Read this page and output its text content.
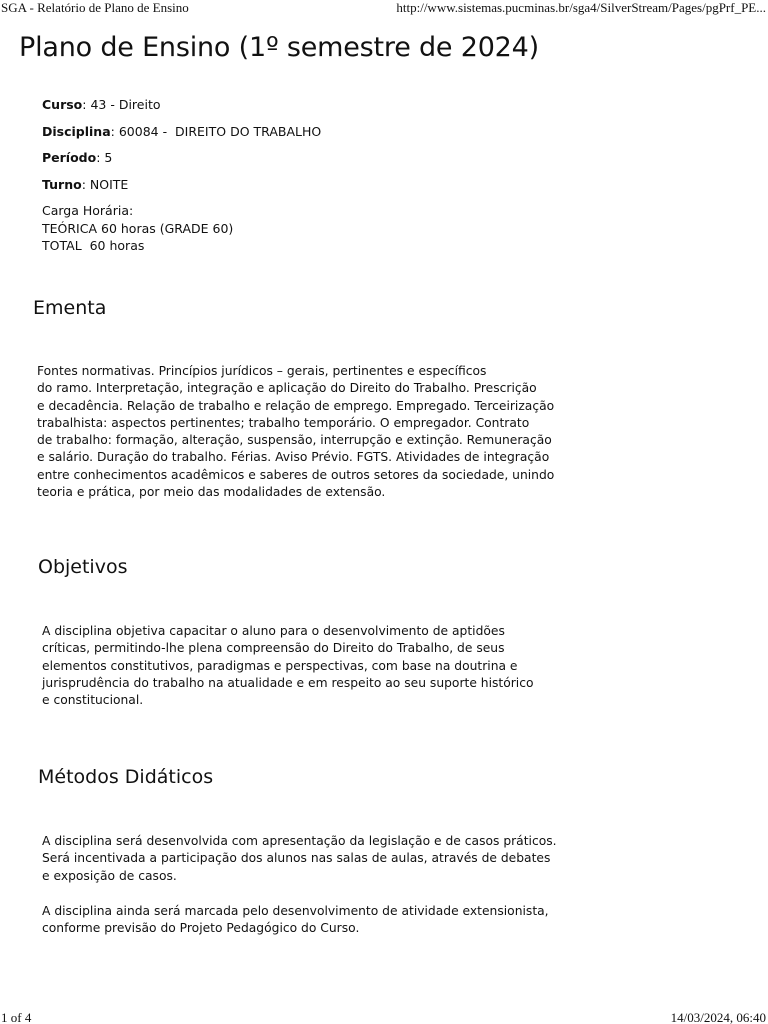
SGA - Relatório de Plano de Ensino	http://www.sistemas.pucminas.br/sga4/SilverStream/Pages/pgPrf_PE...
Plano de Ensino (1º semestre de 2024)
Curso: 43 - Direito
Disciplina: 60084 -  DIREITO DO TRABALHO
Período: 5
Turno: NOITE
Carga Horária:
TEÓRICA 60 horas (GRADE 60)
TOTAL  60 horas
Ementa
Fontes normativas. Princípios jurídicos – gerais, pertinentes e específicos
do ramo. Interpretação, integração e aplicação do Direito do Trabalho. Prescrição
e decadência. Relação de trabalho e relação de emprego. Empregado. Terceirização
trabalhista: aspectos pertinentes; trabalho temporário. O empregador. Contrato
de trabalho: formação, alteração, suspensão, interrupção e extinção. Remuneração
e salário. Duração do trabalho. Férias. Aviso Prévio. FGTS. Atividades de integração
entre conhecimentos acadêmicos e saberes de outros setores da sociedade, unindo
teoria e prática, por meio das modalidades de extensão.
Objetivos
A disciplina objetiva capacitar o aluno para o desenvolvimento de aptidões
críticas, permitindo-lhe plena compreensão do Direito do Trabalho, de seus
elementos constitutivos, paradigmas e perspectivas, com base na doutrina e
jurisprudência do trabalho na atualidade e em respeito ao seu suporte histórico
e constitucional.
Métodos Didáticos
A disciplina será desenvolvida com apresentação da legislação e de casos práticos.
Será incentivada a participação dos alunos nas salas de aulas, através de debates
e exposição de casos.
A disciplina ainda será marcada pelo desenvolvimento de atividade extensionista,
conforme previsão do Projeto Pedagógico do Curso.
1 of 4	14/03/2024, 06:40
